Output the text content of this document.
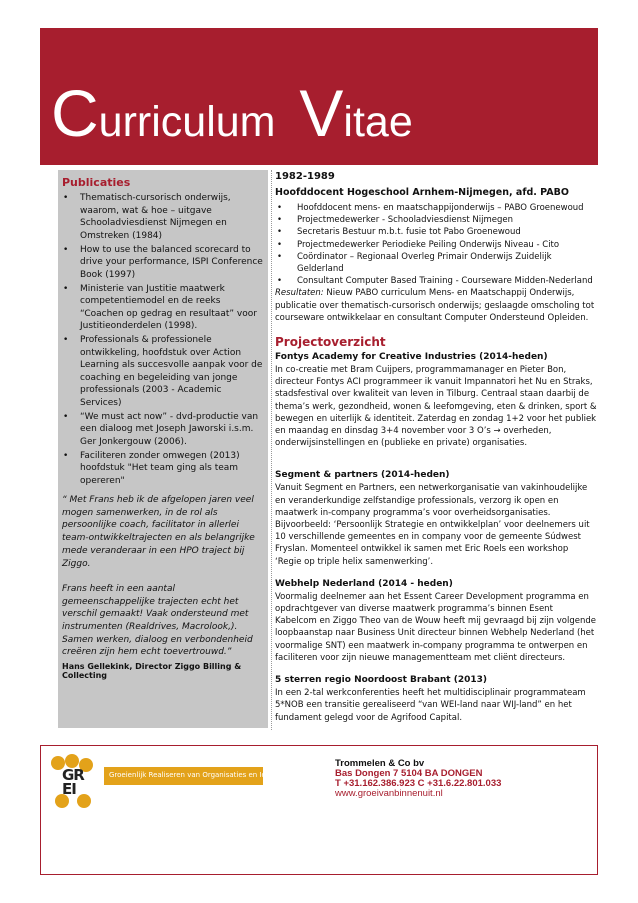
Curriculum Vitae
Publicaties
• Thematisch-cursorisch onderwijs, waarom, wat & hoe – uitgave Schooladviesdienst Nijmegen en Omstreken (1984)
• How to use the balanced scorecard to drive your performance, ISPI Conference Book (1997)
• Ministerie van Justitie maatwerk competentiemodel en de reeks “Coachen op gedrag en resultaat” voor Justitieonderdelen (1998).
• Professionals & professionele ontwikkeling, hoofdstuk over Action Learning als succesvolle aanpak voor de coaching en begeleiding van jonge professionals (2003 - Academic Services)
• “We must act now” - dvd-productie van een dialoog met Joseph Jaworski i.s.m. Ger Jonkergouw (2006).
• Faciliteren zonder omwegen (2013) hoofdstuk "Het team ging als team opereren"

“ Met Frans heb ik de afgelopen jaren veel mogen samenwerken, in de rol als persoonlijke coach, facilitator in allerlei team-ontwikkeltrajecten en als belangrijke mede veranderaar in een HPO traject bij Ziggo.

Frans heeft in een aantal gemeenschappelijke trajecten echt het verschil gemaakt! Vaak ondersteund met instrumenten (Realdrives, Macrolook,). Samen werken, dialoog en verbondenheid creëren zijn hem echt toevertrouwd.”

Hans Gellekink, Director Ziggo Billing & Collecting

1982-1989

Hoofddocent Hogeschool Arnhem-Nijmegen, afd. PABO

• Hoofddocent mens- en maatschappijonderwijs – PABO Groenewoud
• Projectmedewerker - Schooladviesdienst Nijmegen
• Secretaris Bestuur m.b.t. fusie tot Pabo Groenewoud
• Projectmedewerker Periodieke Peiling Onderwijs Niveau - Cito
• Coördinator – Regionaal Overleg Primair Onderwijs Zuidelijk Gelderland
• Consultant Computer Based Training - Courseware Midden-Nederland

Resultaten: Nieuw PABO curriculum Mens- en Maatschappij Onderwijs, publicatie over thematisch-cursorisch onderwijs; geslaagde omscholing tot courseware ontwikkelaar en consultant Computer Ondersteund Opleiden.

Projectoverzicht

Fontys Academy for Creative Industries (2014-heden)

In co-creatie met Bram Cuijpers, programmamanager en Pieter Bon, directeur Fontys ACI programmeer ik vanuit Impannatori het Nu en Straks, stadsfestival over kwaliteit van leven in Tilburg. Centraal staan daarbij de thema’s werk, gezondheid, wonen & leefomgeving, eten & drinken, sport & bewegen en uiterlijk & identiteit. Zaterdag en zondag 1+2 voor het publiek en maandag en dinsdag 3+4 november voor 3 O’s → overheden, onderwijsinstellingen en (publieke en private) organisaties.

Segment & partners (2014-heden)

Vanuit Segment en Partners, een netwerkorganisatie van vakinhoudelijke en veranderkundige zelfstandige professionals, verzorg ik open en maatwerk in-company programma’s voor overheidsorganisaties. Bijvoorbeeld: ‘Persoonlijk Strategie en ontwikkelplan’ voor deelnemers uit 10 verschillende gemeentes en in company voor de gemeente Súdwest Fryslan. Momenteel ontwikkel ik samen met Eric Roels een workshop ‘Regie op triple helix samenwerking’.

Webhelp Nederland (2014 - heden)

Voormalig deelnemer aan het Essent Career Development programma en opdrachtgever van diverse maatwerk programma’s binnen Esent Kabelcom en Ziggo Theo van de Wouw heeft mij gevraagd bij zijn volgende loopbaanstap naar Business Unit directeur binnen Webhelp Nederland (het voormalige SNT) een maatwerk in-company programma te ontwerpen en faciliteren voor zijn nieuwe managementteam met cliënt directeurs.

5 sterren regio Noordoost Brabant (2013)

In een 2-tal werkconferenties heeft het multidisciplinair programmateam 5*NOB een transitie gerealiseerd “van WEI-land naar WIJ-land” en het fundament gelegd voor de Agrifood Capital.

GR
EI
Groeienlijk Realiseren van Organisaties en Identiteit
Trommelen & Co bv
Bas Dongen 7 5104 BA DONGEN
T +31.162.386.923 C +31.6.22.801.033
www.groeivanbinnenuit.nl
